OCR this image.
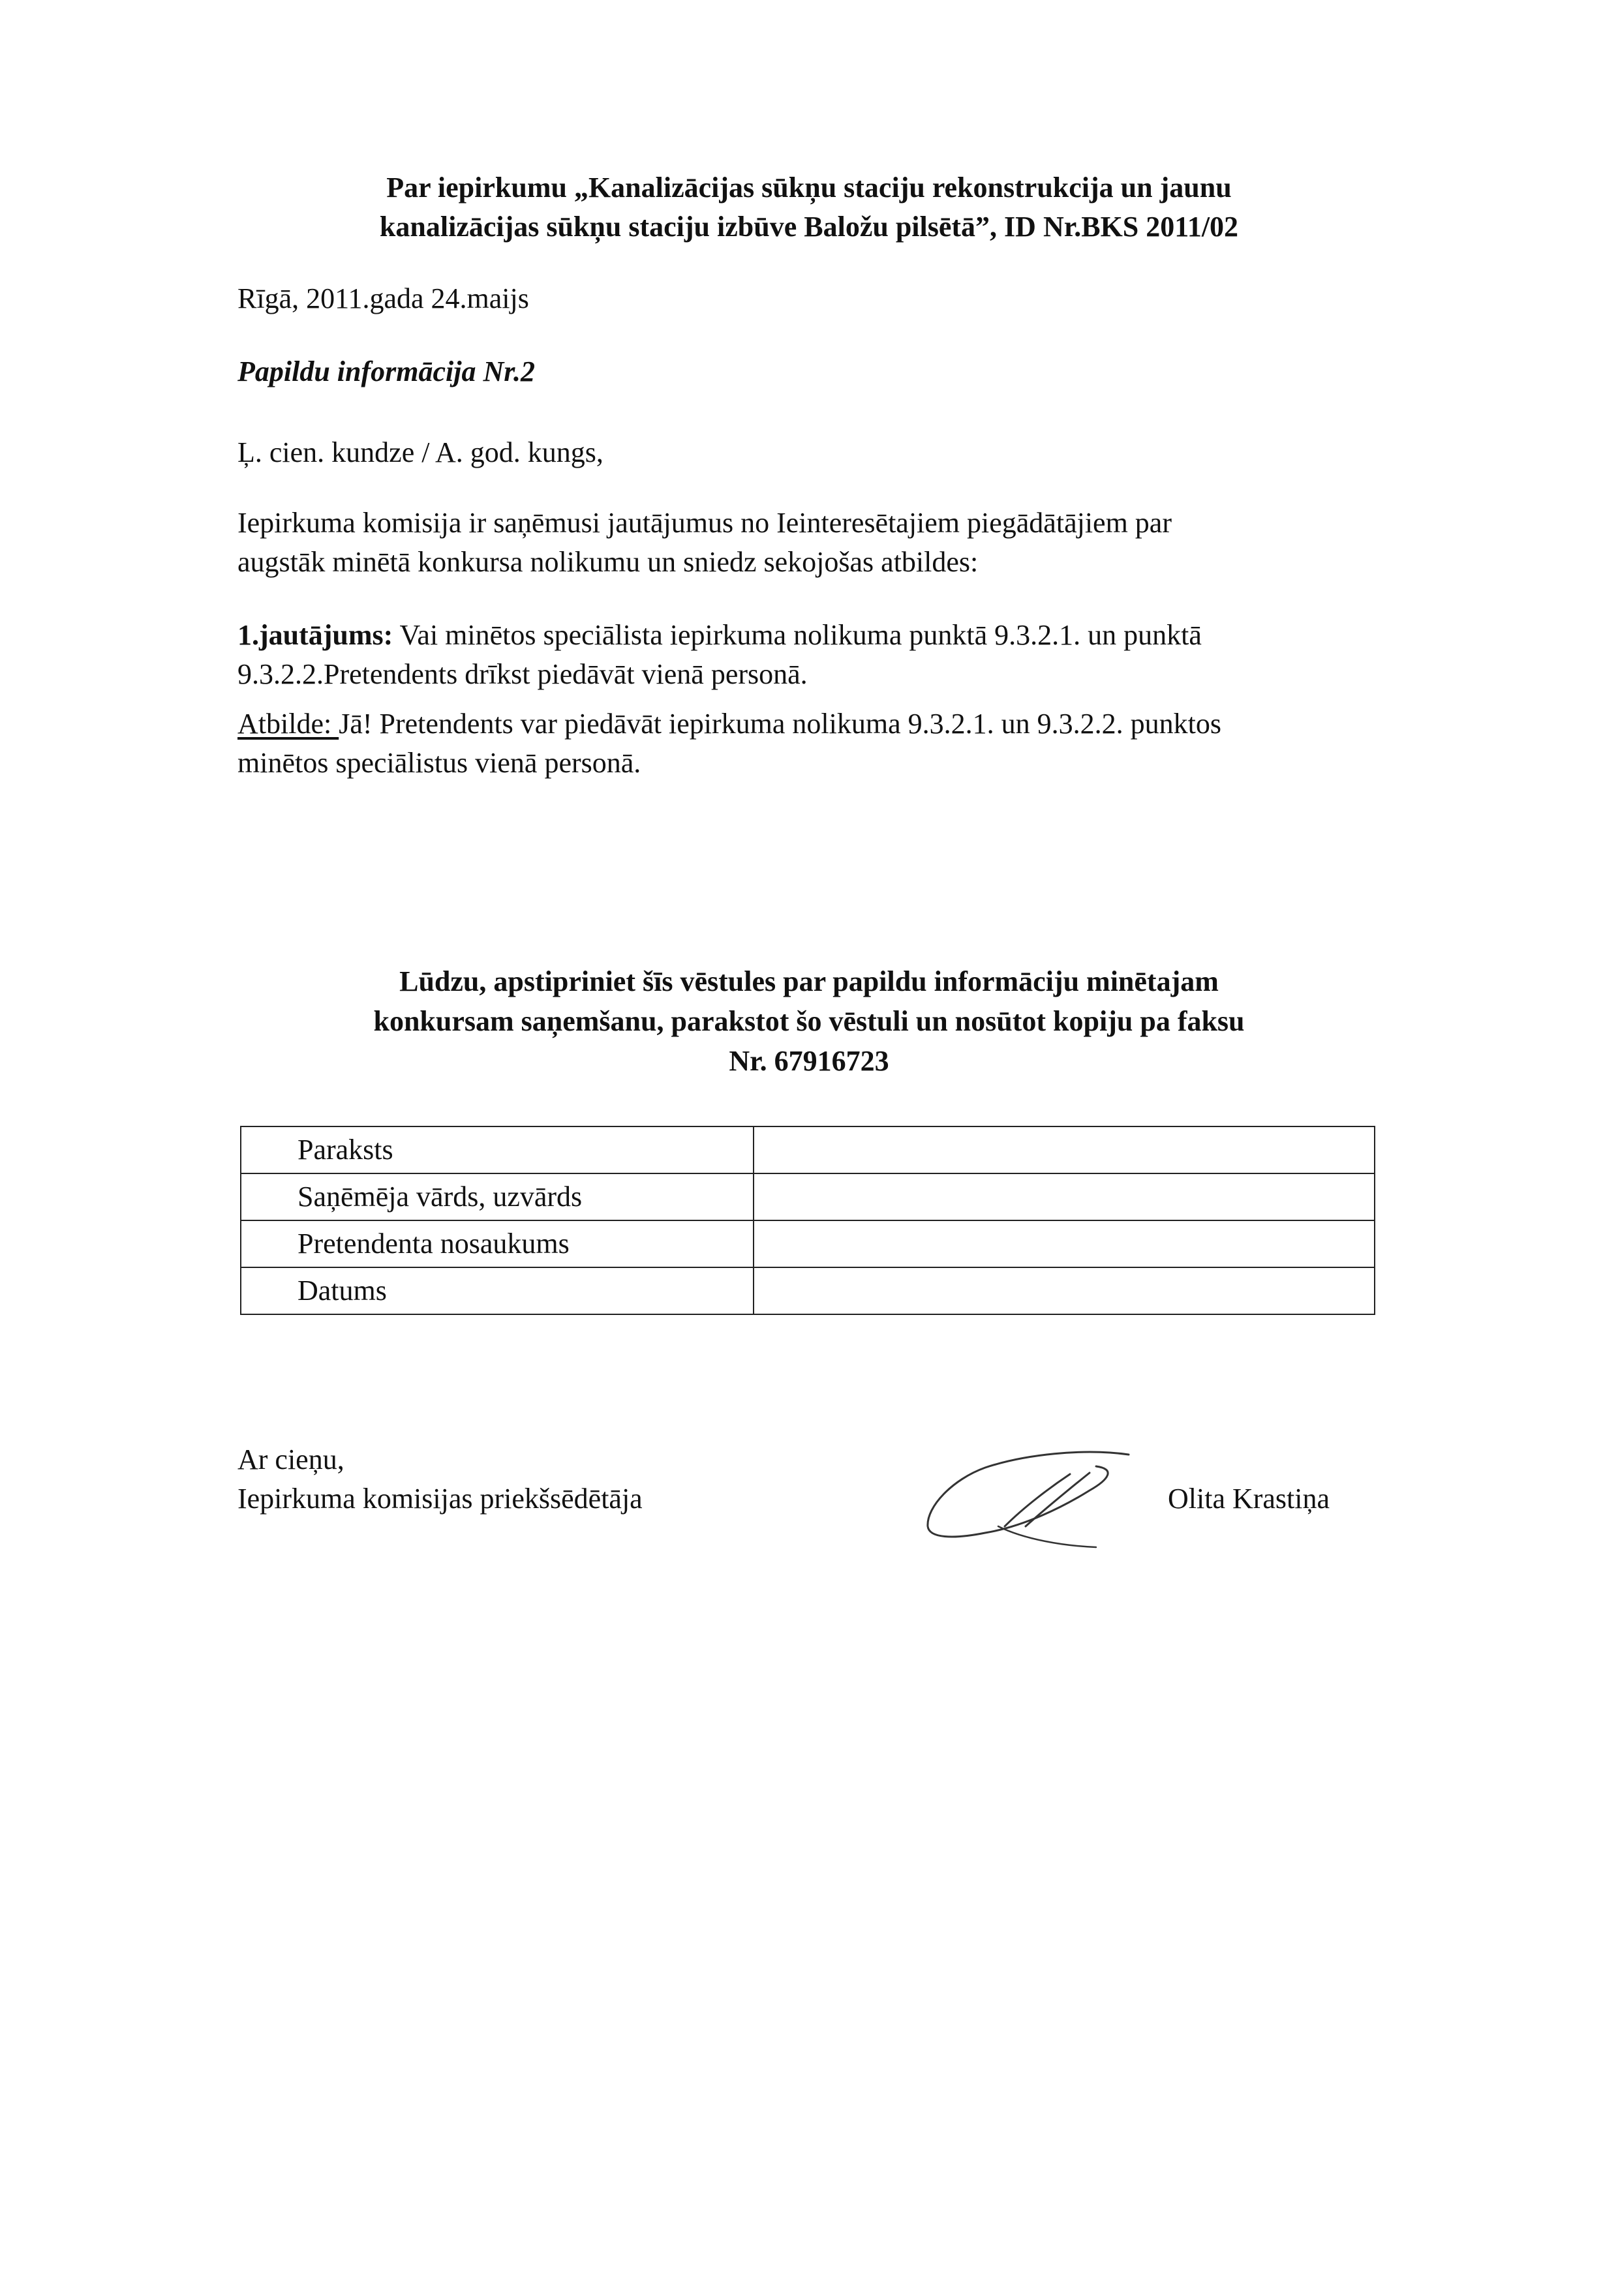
Par iepirkumu „Kanalizācijas sūkņu staciju rekonstrukcija un jaunu
kanalizācijas sūkņu staciju izbūve Baložu pilsētā”, ID Nr.BKS 2011/02
Rīgā, 2011.gada 24.maijs
Papildu informācija Nr.2
Ļ. cien. kundze / A. god. kungs,

Iepirkuma komisija ir saņēmusi jautājumus no Ieinteresētajiem piegādātājiem par

augstāk minētā konkursa nolikumu un sniedz sekojošas atbildes:

1.jautājums: Vai minētos speciālista iepirkuma nolikuma punktā 9.3.2.1. un punktā

9.3.2.2.Pretendents drīkst piedāvāt vienā personā.

Atbilde: Jā! Pretendents var piedāvāt iepirkuma nolikuma 9.3.2.1. un 9.3.2.2. punktos

minētos speciālistus vienā personā.

Lūdzu, apstipriniet šīs vēstules par papildu informāciju minētajam
konkursam saņemšanu, parakstot šo vēstuli un nosūtot kopiju pa faksu
Nr. 67916723
Paraksts	
Saņēmēja vārds, uzvārds	
Pretendenta nosaukums	
Datums	
Ar cieņu,
Iepirkuma komisijas priekšsēdētāja	Olita Krastiņa
